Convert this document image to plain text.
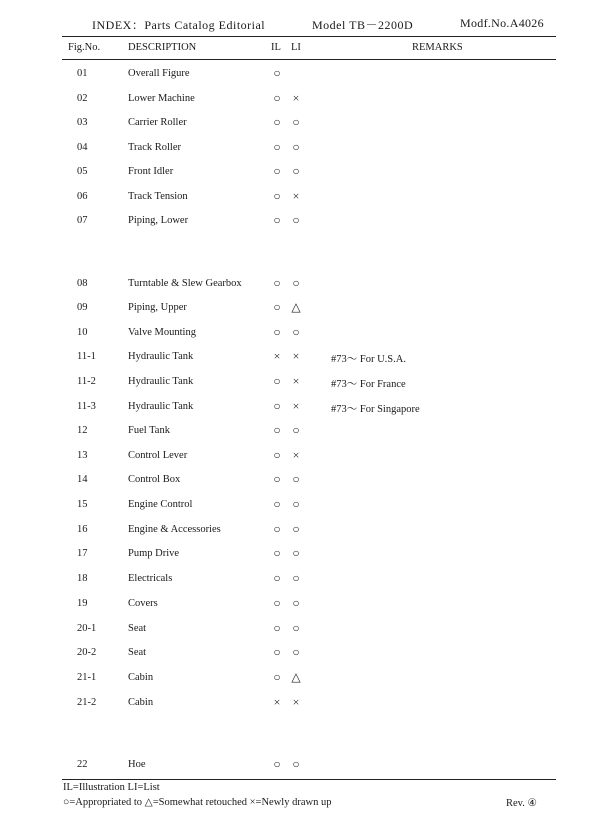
INDEX：Parts Catalog Editorial	Model TB－2200D	Modf.No.A4026
Fig.No.	DESCRIPTION	IL LI	REMARKS
01	Overall Figure	○
02	Lower Machine	○ ×
03	Carrier Roller	○ ○
04	Track Roller	○ ○
05	Front Idler	○ ○
06	Track Tension	○ ×
07	Piping, Lower	○ ○
08	Turntable & Slew Gearbox	○ ○
09	Piping, Upper	○ △
10	Valve Mounting	○ ○
11-1	Hydraulic Tank	× ×	#73～ For U.S.A.
11-2	Hydraulic Tank	○ ×	#73～ For France
11-3	Hydraulic Tank	○ ×	#73～ For Singapore
12	Fuel Tank	○ ○
13	Control Lever	○ ×
14	Control Box	○ ○
15	Engine Control	○ ○
16	Engine & Accessories	○ ○
17	Pump Drive	○ ○
18	Electricals	○ ○
19	Covers	○ ○
20-1	Seat	○ ○
20-2	Seat	○ ○
21-1	Cabin	○ △
21-2	Cabin	× ×
22	Hoe	○ ○
IL=Illustration LI=List
○=Appropriated to △=Somewhat retouched ×=Newly drawn up	Rev. ④
